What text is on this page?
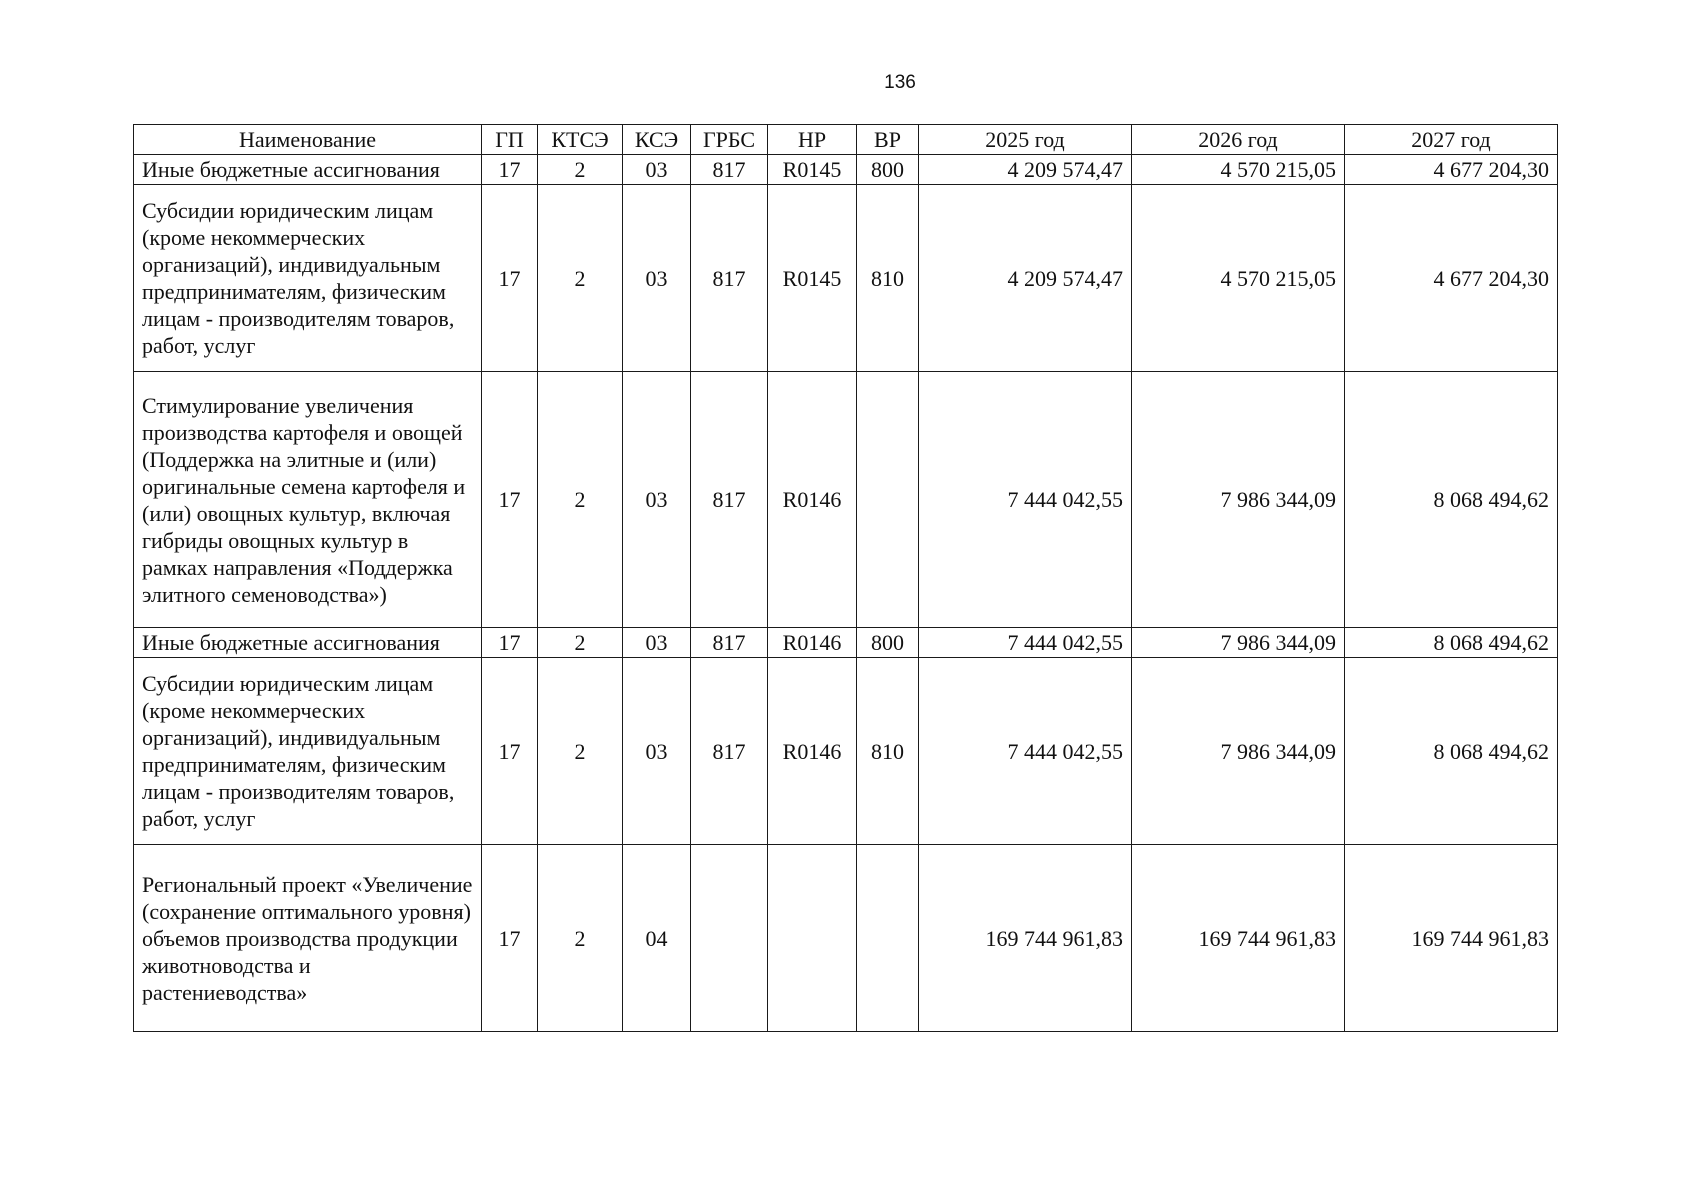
136
Наименование	ГП	КТСЭ	КСЭ	ГРБС	НР	ВР	2025 год	2026 год	2027 год
Иные бюджетные ассигнования	17	2	03	817	R0145	800	4 209 574,47	4 570 215,05	4 677 204,30
Субсидии юридическим лицам (кроме некоммерческих организаций), индивидуальным предпринимателям, физическим лицам - производителям товаров, работ, услуг	17	2	03	817	R0145	810	4 209 574,47	4 570 215,05	4 677 204,30
Стимулирование увеличения производства картофеля и овощей (Поддержка на элитные и (или) оригинальные семена картофеля и (или) овощных культур, включая гибриды овощных культур в рамках направления «Поддержка элитного семеноводства»)	17	2	03	817	R0146		7 444 042,55	7 986 344,09	8 068 494,62
Иные бюджетные ассигнования	17	2	03	817	R0146	800	7 444 042,55	7 986 344,09	8 068 494,62
Субсидии юридическим лицам (кроме некоммерческих организаций), индивидуальным предпринимателям, физическим лицам - производителям товаров, работ, услуг	17	2	03	817	R0146	810	7 444 042,55	7 986 344,09	8 068 494,62
Региональный проект «Увеличение (сохранение оптимального уровня) объемов производства продукции животноводства и растениеводства»	17	2	04				169 744 961,83	169 744 961,83	169 744 961,83
